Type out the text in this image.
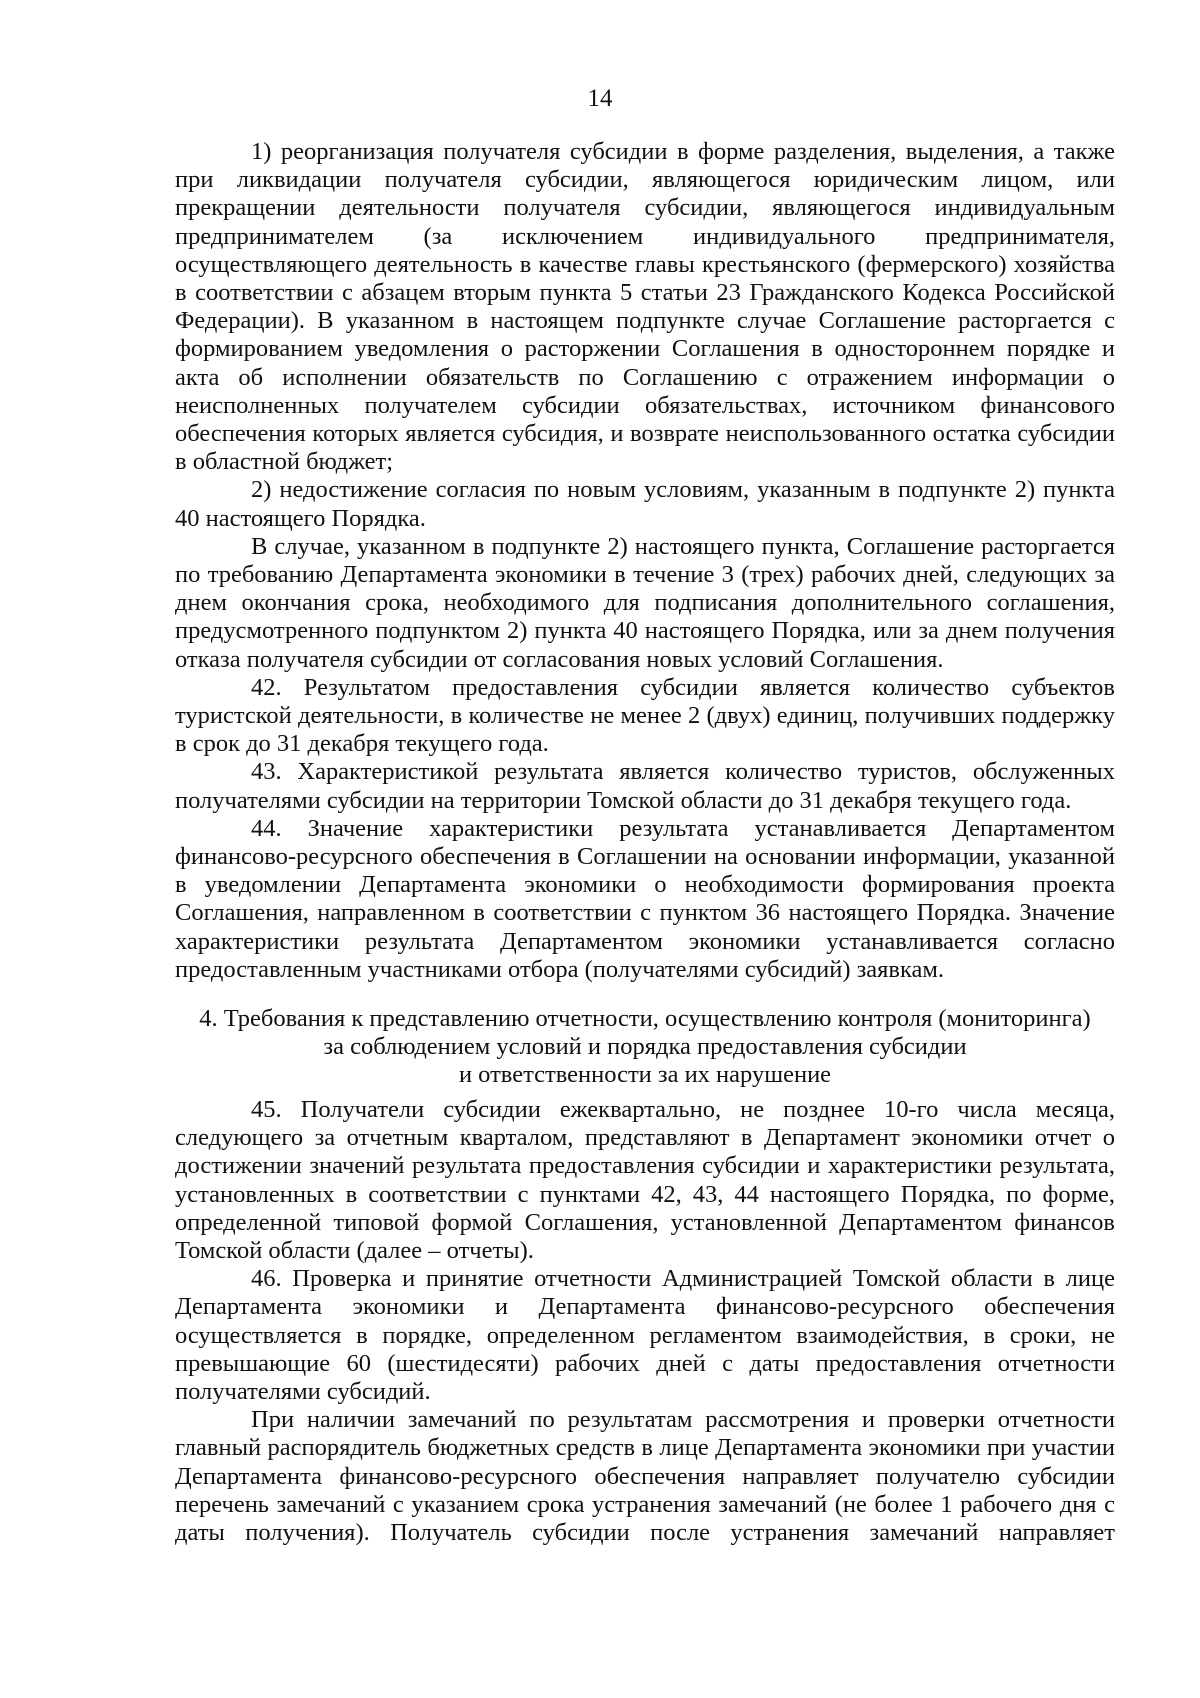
14

1) реорганизация получателя субсидии в форме разделения, выделения, а также при ликвидации получателя субсидии, являющегося юридическим лицом, или прекращении деятельности получателя субсидии, являющегося индивидуальным предпринимателем (за исключением индивидуального предпринимателя, осуществляющего деятельность в качестве главы крестьянского (фермерского) хозяйства в соответствии с абзацем вторым пункта 5 статьи 23 Гражданского Кодекса Российской Федерации). В указанном в настоящем подпункте случае Соглашение расторгается с формированием уведомления о расторжении Соглашения в одностороннем порядке и акта об исполнении обязательств по Соглашению с отражением информации о неисполненных получателем субсидии обязательствах, источником финансового обеспечения которых является субсидия, и возврате неиспользованного остатка субсидии в областной бюджет;

2) недостижение согласия по новым условиям, указанным в подпункте 2) пункта 40 настоящего Порядка.

В случае, указанном в подпункте 2) настоящего пункта, Соглашение расторгается по требованию Департамента экономики в течение 3 (трех) рабочих дней, следующих за днем окончания срока, необходимого для подписания дополнительного соглашения, предусмотренного подпунктом 2) пункта 40 настоящего Порядка, или за днем получения отказа получателя субсидии от согласования новых условий Соглашения.

42. Результатом предоставления субсидии является количество субъектов туристской деятельности, в количестве не менее 2 (двух) единиц, получивших поддержку в срок до 31 декабря текущего года.

43. Характеристикой результата является количество туристов, обслуженных получателями субсидии на территории Томской области до 31 декабря текущего года.

44. Значение характеристики результата устанавливается Департаментом финансово-ресурсного обеспечения в Соглашении на основании информации, указанной в уведомлении Департамента экономики о необходимости формирования проекта Соглашения, направленном в соответствии с пунктом 36 настоящего Порядка. Значение характеристики результата Департаментом экономики устанавливается согласно предоставленным участниками отбора (получателями субсидий) заявкам.

4. Требования к представлению отчетности, осуществлению контроля (мониторинга)
за соблюдением условий и порядка предоставления субсидии
и ответственности за их нарушение

45. Получатели субсидии ежеквартально, не позднее 10-го числа месяца, следующего за отчетным кварталом, представляют в Департамент экономики отчет о достижении значений результата предоставления субсидии и характеристики результата, установленных в соответствии с пунктами 42, 43, 44 настоящего Порядка, по форме, определенной типовой формой Соглашения, установленной Департаментом финансов Томской области (далее – отчеты).

46. Проверка и принятие отчетности Администрацией Томской области в лице Департамента экономики и Департамента финансово-ресурсного обеспечения осуществляется в порядке, определенном регламентом взаимодействия, в сроки, не превышающие 60 (шестидесяти) рабочих дней с даты предоставления отчетности получателями субсидий.

При наличии замечаний по результатам рассмотрения и проверки отчетности главный распорядитель бюджетных средств в лице Департамента экономики при участии Департамента финансово-ресурсного обеспечения направляет получателю субсидии перечень замечаний с указанием срока устранения замечаний (не более 1 рабочего дня с даты получения). Получатель субсидии после устранения замечаний направляет
